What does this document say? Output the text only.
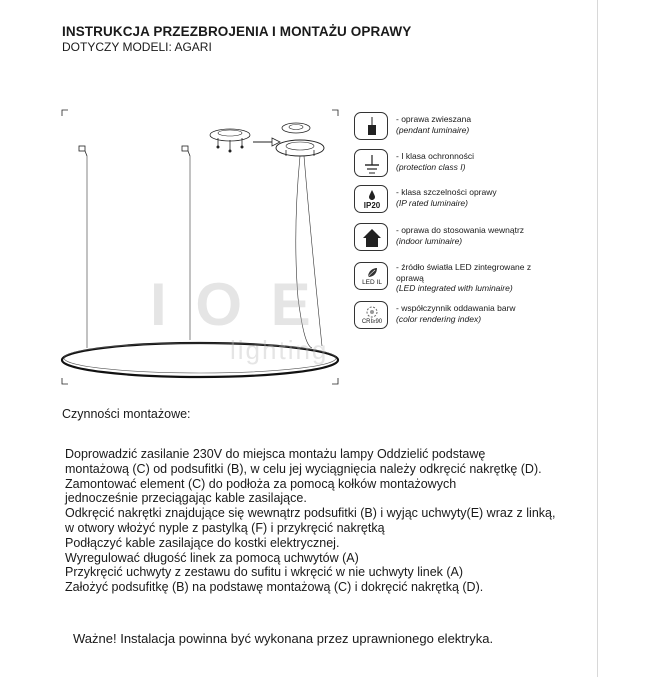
INSTRUKCJA PRZEZBROJENIA I MONTAŻU OPRAWY
DOTYCZY MODELI: AGARI
I O E
lighting
- oprawa zwieszana
(pendant luminaire)
- I klasa ochronności
(protection class I)
IP20
- klasa szczelności oprawy
(IP rated luminaire)
- oprawa do stosowania wewnątrz
(indoor luminaire)
LED IL
- źródło światła LED zintegrowane z oprawą
(LED integrated with luminaire)
CRI≥90
- współczynnik oddawania barw
(color rendering index)
Czynności montażowe:
Doprowadzić zasilanie 230V do miejsca montażu lampy Oddzielić podstawę
montażową (C) od podsufitki (B), w celu jej wyciągnięcia należy odkręcić nakrętkę (D).
Zamontować element (C) do podłoża za pomocą kołków montażowych
jednocześnie przeciągając kable zasilające.
Odkręcić nakrętki znajdujące się wewnątrz podsufitki (B) i wyjąc uchwyty(E) wraz z linką,
w otwory włożyć nyple z pastylką (F) i przykręcić nakrętką
Podłączyć kable zasilające do kostki elektrycznej.
Wyregulować długość linek za pomocą uchwytów (A)
Przykręcić uchwyty z zestawu do sufitu i wkręcić w nie uchwyty linek (A)
Założyć podsufitkę (B) na podstawę montażową (C) i dokręcić nakrętką (D).
Ważne! Instalacja powinna być wykonana przez uprawnionego elektryka.
